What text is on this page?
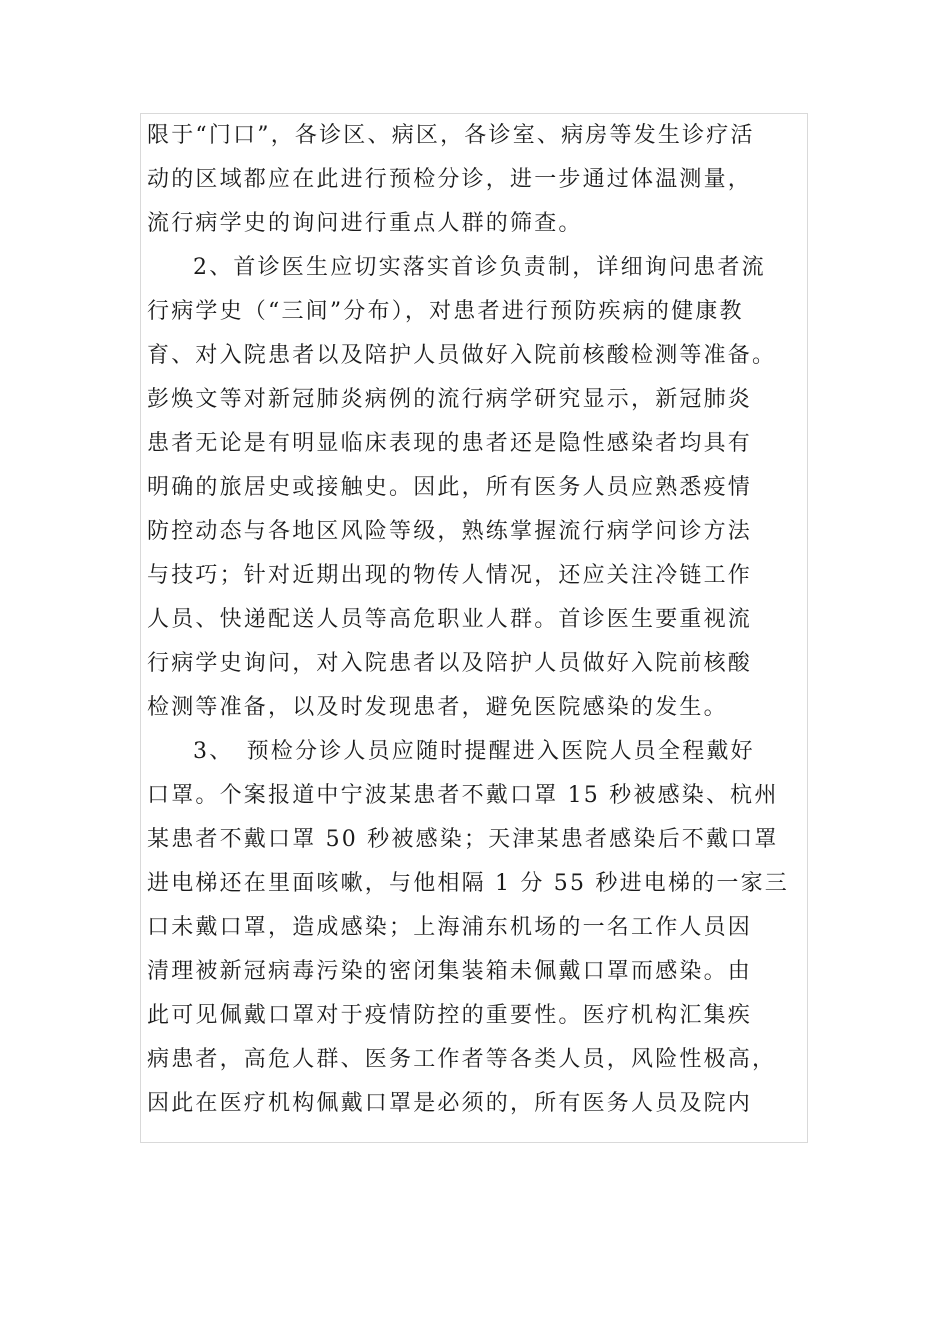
限于“门口”，各诊区、病区，各诊室、病房等发生诊疗活
动的区域都应在此进行预检分诊，进一步通过体温测量，
流行病学史的询问进行重点人群的筛查。
2、首诊医生应切实落实首诊负责制，详细询问患者流
行病学史（“三间”分布），对患者进行预防疾病的健康教
育、对入院患者以及陪护人员做好入院前核酸检测等准备。
彭焕文等对新冠肺炎病例的流行病学研究显示，新冠肺炎
患者无论是有明显临床表现的患者还是隐性感染者均具有
明确的旅居史或接触史。因此，所有医务人员应熟悉疫情
防控动态与各地区风险等级，熟练掌握流行病学问诊方法
与技巧；针对近期出现的物传人情况，还应关注冷链工作
人员、快递配送人员等高危职业人群。首诊医生要重视流
行病学史询问，对入院患者以及陪护人员做好入院前核酸
检测等准备，以及时发现患者，避免医院感染的发生。
3、　预检分诊人员应随时提醒进入医院人员全程戴好
口罩。个案报道中宁波某患者不戴口罩 15 秒被感染、杭州
某患者不戴口罩 50 秒被感染；天津某患者感染后不戴口罩
进电梯还在里面咳嗽，与他相隔 1 分 55 秒进电梯的一家三
口未戴口罩，造成感染；上海浦东机场的一名工作人员因
清理被新冠病毒污染的密闭集装箱未佩戴口罩而感染。由
此可见佩戴口罩对于疫情防控的重要性。医疗机构汇集疾
病患者，高危人群、医务工作者等各类人员，风险性极高，
因此在医疗机构佩戴口罩是必须的，所有医务人员及院内
